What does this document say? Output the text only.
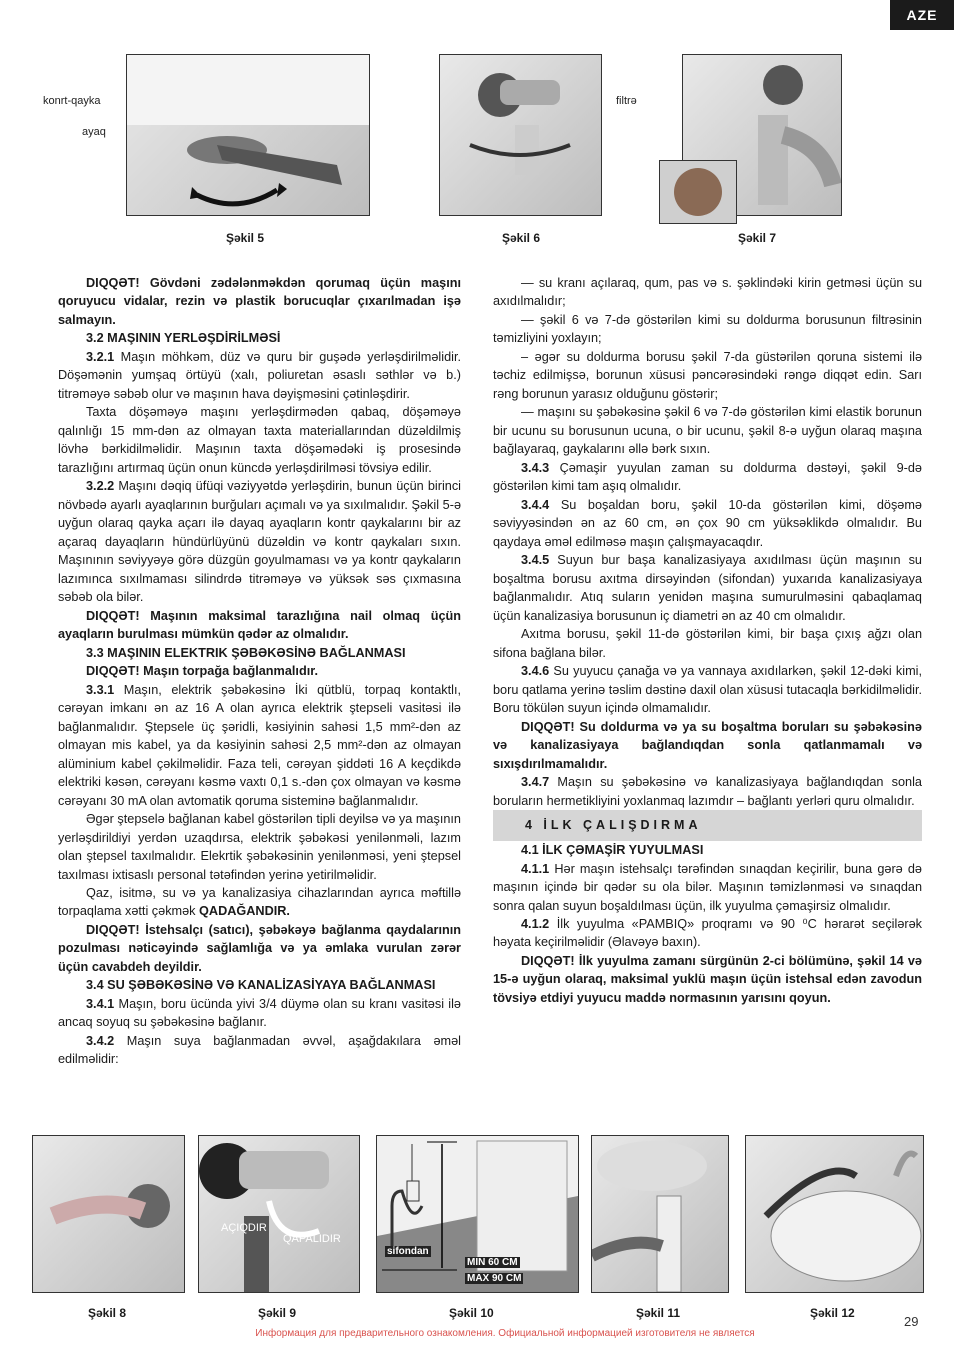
AZE
konrt-qayka
ayaq
Şəkil 5
filtrə
Şəkil 6	Şəkil 7

DIQQƏT! Gövdəni zədələnməkdən qorumaq üçün maşını qoruyucu vidalar, rezin və plastik borucuqlar çıxarılmadan işə salmayın.

3.2 MAŞININ YERLƏŞDİRİLMƏSİ

3.2.1 Maşın möhkəm, düz və quru bir guşədə yerləşdirilməlidir. Döşəmənin yumşaq örtüyü (xalı, poliuretan əsaslı səthlər və b.) titrəməyə səbəb olur və maşının hava dəyişməsini çətinləşdirir.

Taxta döşəməyə maşını yerləşdirmədən qabaq, döşəməyə qalınlığı 15 mm-dən az olmayan taxta materiallarından düzəldilmiş lövhə bərkidilməlidir. Maşının taxta döşəmədəki iş prosesində tarazlığını artırmaq üçün onun küncdə yerləşdirilməsi tövsiyə edilir.

3.2.2 Maşını dəqiq üfüqi vəziyyətdə yerləşdirin, bunun üçün birinci növbədə ayarlı ayaqlarının burğuları açımalı və ya sıxılmalıdır. Şəkil 5-ə uyğun olaraq qayka açarı ilə dayaq ayaqların kontr qaykalarını bir az açaraq dayaqların hündürlüyünü düzəldin və kontr qaykaları sıxın. Maşınının səviyyəyə görə düzgün goyulmaması və ya kontr qaykaların lazımınca sıxılmaması silindrdə titrəməyə və yüksək səs çıxmasına səbəb ola bilər.

DIQQƏT! Maşının maksimal tarazlığına nail olmaq üçün ayaqların burulması mümkün qədər az olmalıdır.

3.3 MAŞININ ELEKTRIK ŞƏBƏKƏSİNƏ BAĞLANMASI

DIQQƏT! Maşın torpağa bağlanmalıdır.

3.3.1 Maşın, elektrik şəbəkəsinə İki qütblü, torpaq kontaktlı, cərəyan imkanı ən az 16 A olan ayrıca elektrik ştepseli vasitəsi ilə bağlanmalıdır. Ştepsele üç şəridli, kəsiyinin sahəsi 1,5 mm²-dən az olmayan mis kabel, ya da kəsiyinin sahəsi 2,5 mm²-dən az olmayan alüminium kabel çəkilməlidir. Faza teli, cərəyan şiddəti 16 A keçdikdə elektriki kəsən, cərəyanı kəsmə vaxtı 0,1 s.-dən çox olmayan və kəsmə cərəyanı 30 mA olan avtomatik qoruma sisteminə bağlanmalıdır.

Əgər ştepselə bağlanan kabel göstərilən tipli deyilsə və ya maşının yerləşdirildiyi yerdən uzaqdırsa, elektrik şəbəkəsi yenilənməli, lazım olan ştepsel taxılmalıdır. Elekrtik şəbəkəsinin yenilənməsi, yeni ştepsel taxılması ixtisaslı personal tətəfindən yerinə yetirilməlidir.

Qaz, isitmə, su və ya kanalizasiya cihazlarından ayrıca məftillə torpaqlama xətti çəkmək QADAĞANDIR.

DIQQƏT! İstehsalçı (satıcı), şəbəkəyə bağlanma qaydalarının pozulması nəticəyində sağlamlığa və ya əmlaka vurulan zərər üçün cavabdeh deyildir.

3.4 SU ŞƏBƏKƏSİNƏ VƏ KANALİZASİYAYA BAĞLANMASI

3.4.1 Maşın, boru ücünda yivi 3/4 düymə olan su kranı vasitəsi ilə ancaq soyuq su şəbəkəsinə bağlanır.

3.4.2 Maşın suya bağlanmadan əvvəl, aşağdakılara əməl edilməlidir:

— su kranı açılaraq, qum, pas və s. şəklindəki kirin getməsi üçün su axıdılmalıdır;

— şəkil 6 və 7-də göstərilən kimi su doldurma borusunun filtrəsinin təmizliyini yoxlayın;

– əgər su doldurma borusu şəkil 7-da güstərilən qoruna sistemi ilə təchiz edilmişsə, borunun xüsusi pəncərəsindəki rəngə diqqət edin. Sarı rəng borunun yarasız olduğunu göstərir;

— maşını su şəbəkəsinə şəkil 6 və 7-də göstərilən kimi elastik borunun bir ucunu su borusunun ucuna, o bir ucunu, şəkil 8-ə uyğun olaraq maşına bağlayaraq, gaykalarını əllə bərk sıxın.

3.4.3 Çəmaşir yuyulan zaman su doldurma dəstəyi, şəkil 9-də göstərilən kimi tam aşıq olmalıdır.

3.4.4 Su boşaldan boru, şəkil 10-da göstərilən kimi, döşəmə səviyyəsindən ən az 60 cm, ən çox 90 cm yüksəklikdə olmalıdır. Bu qaydaya əməl edilməsə maşın çalışmayacaqdır.

3.4.5 Suyun bur başa kanalizasiyaya axıdılması üçün maşının su boşaltma borusu axıtma dirsəyindən (sifondan) yuxarıda kanalizasiyaya bağlanmalıdır. Atıq suların yenidən maşına sumurulməsini qabaqlamaq üçün kanalizasiya borusunun iç diametri ən az 40 cm olmalıdır.

Axıtma borusu, şəkil 11-də göstərilən kimi, bir başa çıxış ağzı olan sifona bağlana bilər.

3.4.6 Su yuyucu çanağa və ya vannaya axıdılarkən, şəkil 12-dəki kimi, boru qatlama yerinə təslim dəstinə daxil olan xüsusi tutacaqla bərkidilməlidir. Boru tökülən suyun içində olmamalıdır.

DIQQƏT! Su doldurma və ya su boşaltma boruları su şəbəkəsinə və kanalizasiyaya bağlandıqdan sonla qatlanmamalı və sıxışdırılmamalıdır.

3.4.7 Maşın su şəbəkəsinə və kanalizasiyaya bağlandıqdan sonla boruların hermetikliyini yoxlanmaq lazımdır – bağlantı yerləri quru olmalıdır.

4 İLK ÇALIŞDIRMA

4.1 İLK ÇƏMAŞİR YUYULMASI

4.1.1 Hər maşın istehsalçı tərəfindən sınaqdan keçirilir, buna gərə də maşının içində bir qədər su ola bilər. Maşının təmizlənməsi və sınaqdan sonra qalan suyun boşaldılması üçün, ilk yuyulma çəmaşirsiz olmalıdır.

4.1.2 İlk yuyulma «PAMBIQ» proqramı və 90 ⁰C hərarət seçilərək həyata keçirilməlidir (Əlavəyə baxın).

DIQQƏT! İlk yuyulma zamanı sürgünün 2-ci bölümünə, şəkil 14 və 15-ə uyğun olaraq, maksimal yuklü maşın üçün istehsal edən zavodun tövsiyə etdiyi yuyucu maddə normasının yarısını qoyun.

Şəkil 8
AÇIQDIR
QAPALIDIR
Şəkil 9
sifondan
MIN 60 CM
MAX 90 CM
Şəkil 10	Şəkil 11	Şəkil 12
29
Информация для предварительного ознакомления. Официальной информацией изготовителя не является
